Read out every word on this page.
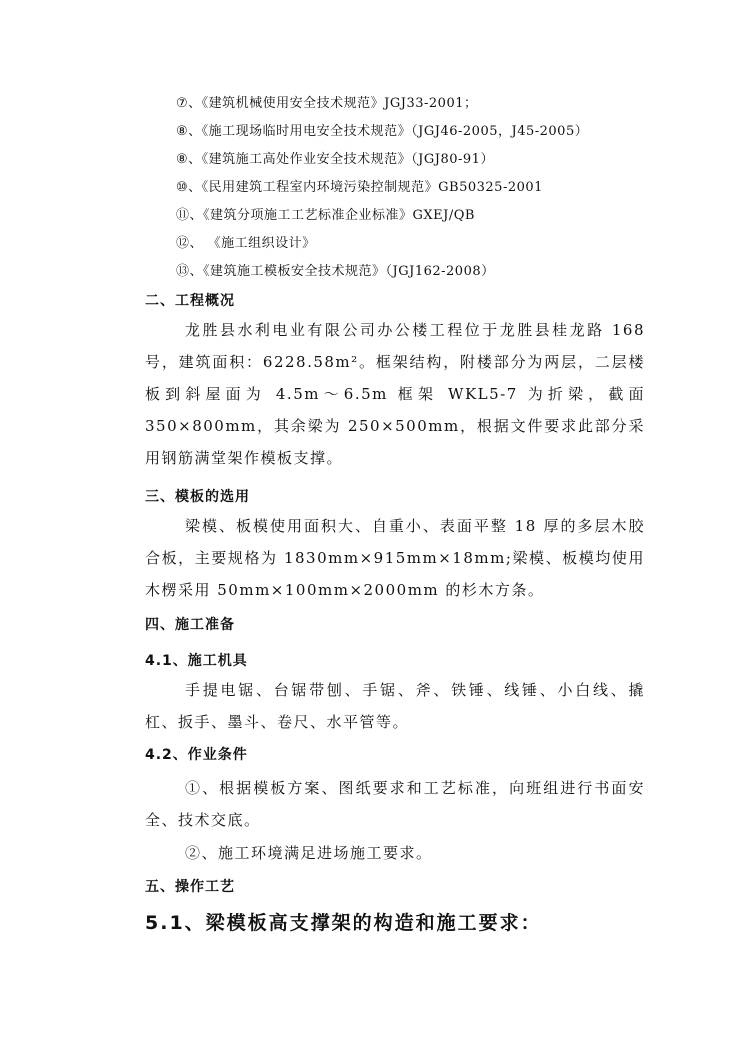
⑦、《建筑机械使用安全技术规范》JGJ33-2001；
⑧、《施工现场临时用电安全技术规范》（JGJ46-2005，J45-2005）
⑧、《建筑施工高处作业安全技术规范》（JGJ80-91）
⑩、《民用建筑工程室内环境污染控制规范》GB50325-2001
⑪、《建筑分项施工工艺标准企业标准》GXEJ/QB
⑫、 《施工组织设计》
⑬、《建筑施工模板安全技术规范》（JGJ162-2008）
二、工程概况

龙胜县水利电业有限公司办公楼工程位于龙胜县桂龙路 168 号，建筑面积：6228.58m²。框架结构，附楼部分为两层，二层楼板到斜屋面为 4.5m～6.5m 框架 WKL5-7 为折梁，截面 350×800mm，其余梁为 250×500mm，根据文件要求此部分采用钢筋满堂架作模板支撑。

三、模板的选用

梁模、板模使用面积大、自重小、表面平整 18 厚的多层木胶合板，主要规格为 1830mm×915mm×18mm;梁模、板模均使用木楞采用 50mm×100mm×2000mm 的杉木方条。

四、施工准备
4.1、施工机具

手提电锯、台锯带刨、手锯、斧、铁锤、线锤、小白线、撬杠、扳手、墨斗、卷尺、水平管等。

4.2、作业条件

①、根据模板方案、图纸要求和工艺标准，向班组进行书面安全、技术交底。

②、施工环境满足进场施工要求。
五、操作工艺
5.1、梁模板高支撑架的构造和施工要求：
